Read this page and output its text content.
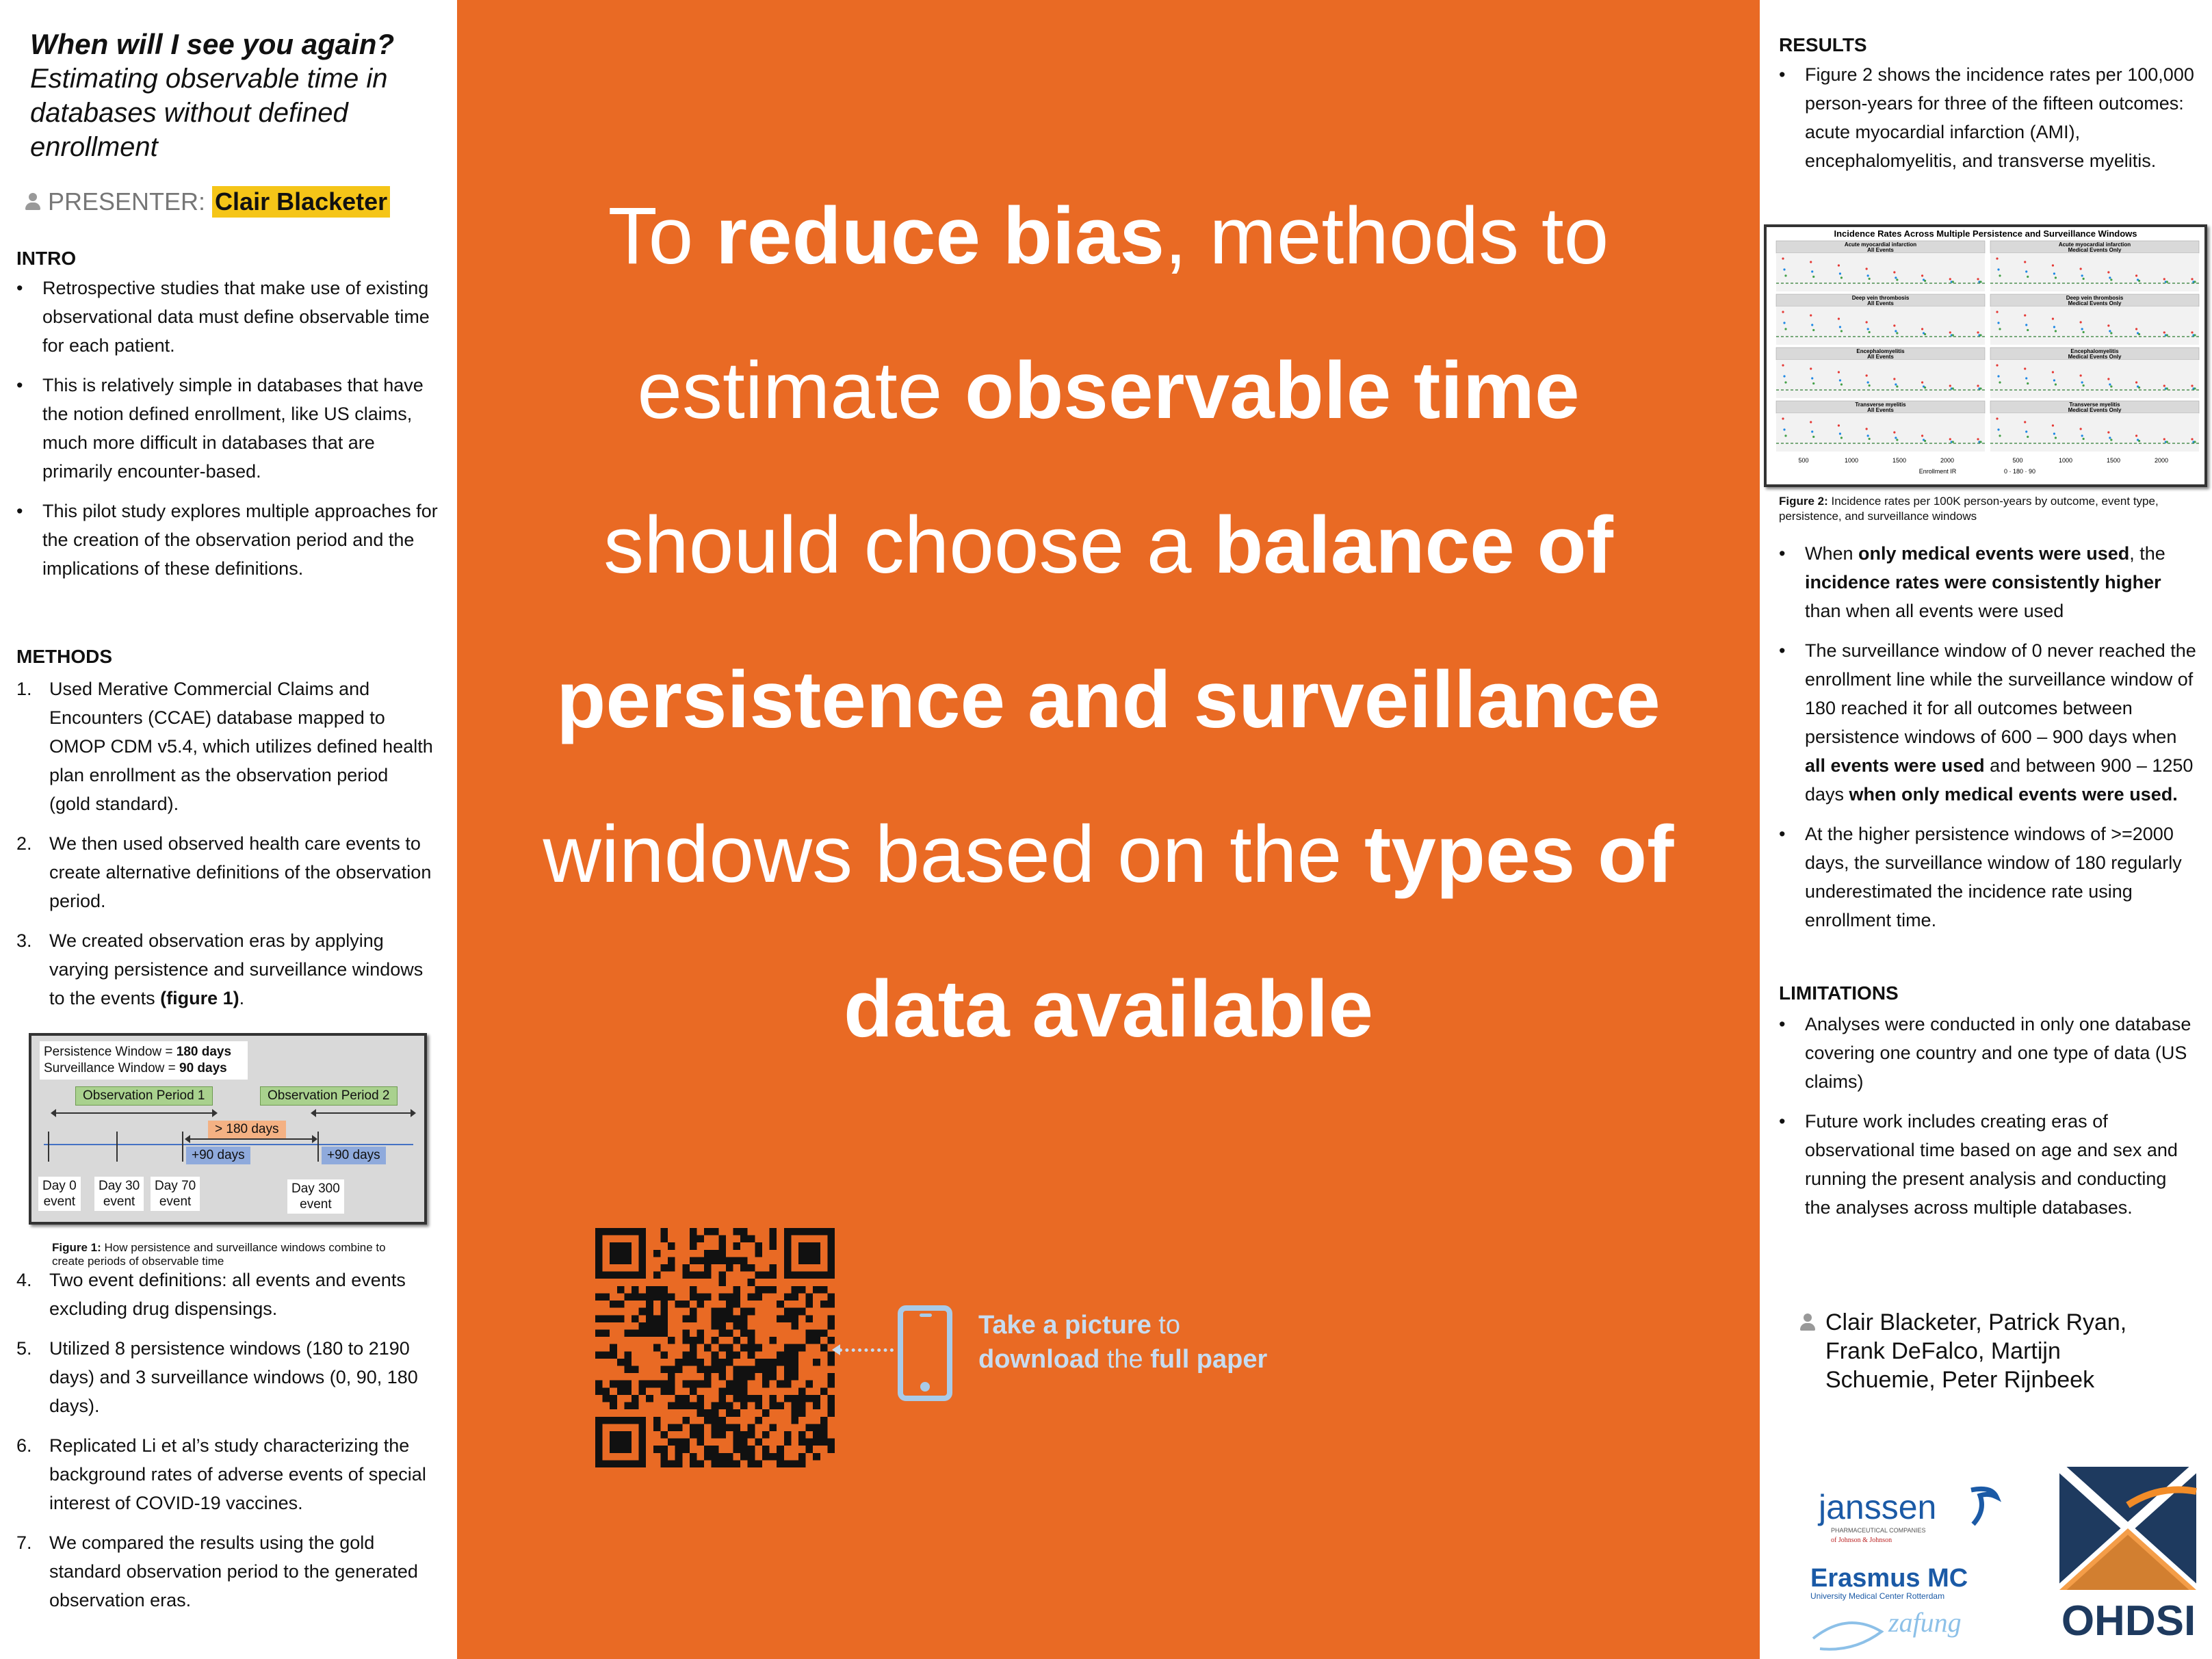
When will I see you again?
Estimating observable time in databases without defined enrollment
PRESENTER: Clair Blacketer
INTRO
• Retrospective studies that make use of existing observational data must define observable time for each patient.
• This is relatively simple in databases that have the notion defined enrollment, like US claims, much more difficult in databases that are primarily encounter-based.
• This pilot study explores multiple approaches for the creation of the observation period and the implications of these definitions.
METHODS
1. Used Merative Commercial Claims and Encounters (CCAE) database mapped to OMOP CDM v5.4, which utilizes defined health plan enrollment as the observation period (gold standard).
2. We then used observed health care events to create alternative definitions of the observation period.
3. We created observation eras by applying varying persistence and surveillance windows to the events (figure 1).
Persistence Window = 180 days
Surveillance Window = 90 days
Observation Period 1	Observation Period 2
> 180 days
+90 days	+90 days
Day 0
event
Day 30
event
Day 70
event
Day 300
event
Figure 1: How persistence and surveillance windows combine to create periods of observable time
4. Two event definitions: all events and events excluding drug dispensings.
5. Utilized 8 persistence windows (180 to 2190 days) and 3 surveillance windows (0, 90, 180 days).
6. Replicated Li et al’s study characterizing the background rates of adverse events of special interest of COVID-19 vaccines.
7. We compared the results using the gold standard observation period to the generated observation eras.
To reduce bias, methods to estimate observable time should choose a balance of persistence and surveillance windows based on the types of data available
Take a picture to
download the full paper
RESULTS
• Figure 2 shows the incidence rates per 100,000 person-years for three of the fifteen outcomes: acute myocardial infarction (AMI), encephalomyelitis, and transverse myelitis.
Incidence Rates Across Multiple Persistence and Surveillance Windows
Acute myocardial infarction
All Events
Acute myocardial infarction
Medical Events Only
Deep vein thrombosis
All Events
Deep vein thrombosis
Medical Events Only
Encephalomyelitis
All Events
Encephalomyelitis
Medical Events Only
Transverse myelitis
All Events
Transverse myelitis
Medical Events Only
500	1000	1500	2000	500	1000	1500	2000
Enrollment IR	0 · 180 · 90
Figure 2: Incidence rates per 100K person-years by outcome, event type, persistence, and surveillance windows
• When only medical events were used, the incidence rates were consistently higher than when all events were used
• The surveillance window of 0 never reached the enrollment line while the surveillance window of 180 reached it for all outcomes between persistence windows of 600 – 900 days when all events were used and between 900 – 1250 days when only medical events were used.
• At the higher persistence windows of >=2000 days, the surveillance window of 180 regularly underestimated the incidence rate using enrollment time.
LIMITATIONS
• Analyses were conducted in only one database covering one country and one type of data (US claims)
• Future work includes creating eras of observational time based on age and sex and running the present analysis and conducting the analyses across multiple databases.
Clair Blacketer, Patrick Ryan, Frank DeFalco, Martijn Schuemie, Peter Rijnbeek
janssen
PHARMACEUTICAL COMPANIES
of Johnson & Johnson
Erasmus MC
University Medical Center Rotterdam
zafung OHDSI
